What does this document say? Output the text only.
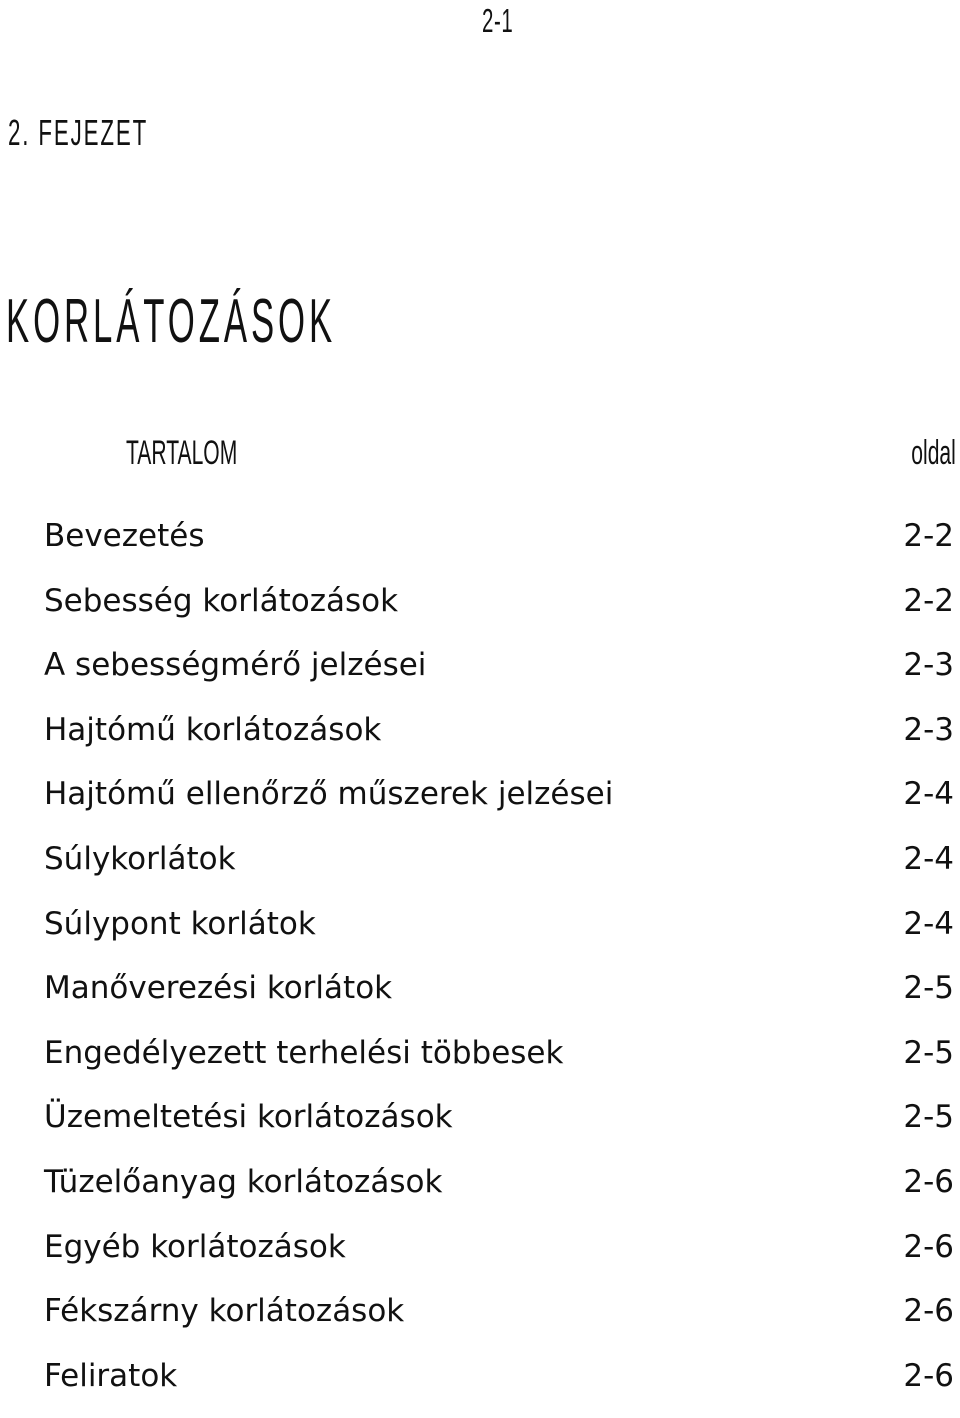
2-1
2. FEJEZET
KORLÁTOZÁSOK
TARTALOM	oldal
Bevezetés	2-2
Sebesség korlátozások	2-2
A sebességmérő jelzései	2-3
Hajtómű korlátozások	2-3
Hajtómű ellenőrző műszerek jelzései	2-4
Súlykorlátok	2-4
Súlypont korlátok	2-4
Manőverezési korlátok	2-5
Engedélyezett terhelési többesek	2-5
Üzemeltetési korlátozások	2-5
Tüzelőanyag korlátozások	2-6
Egyéb korlátozások	2-6
Fékszárny korlátozások	2-6
Feliratok	2-6
